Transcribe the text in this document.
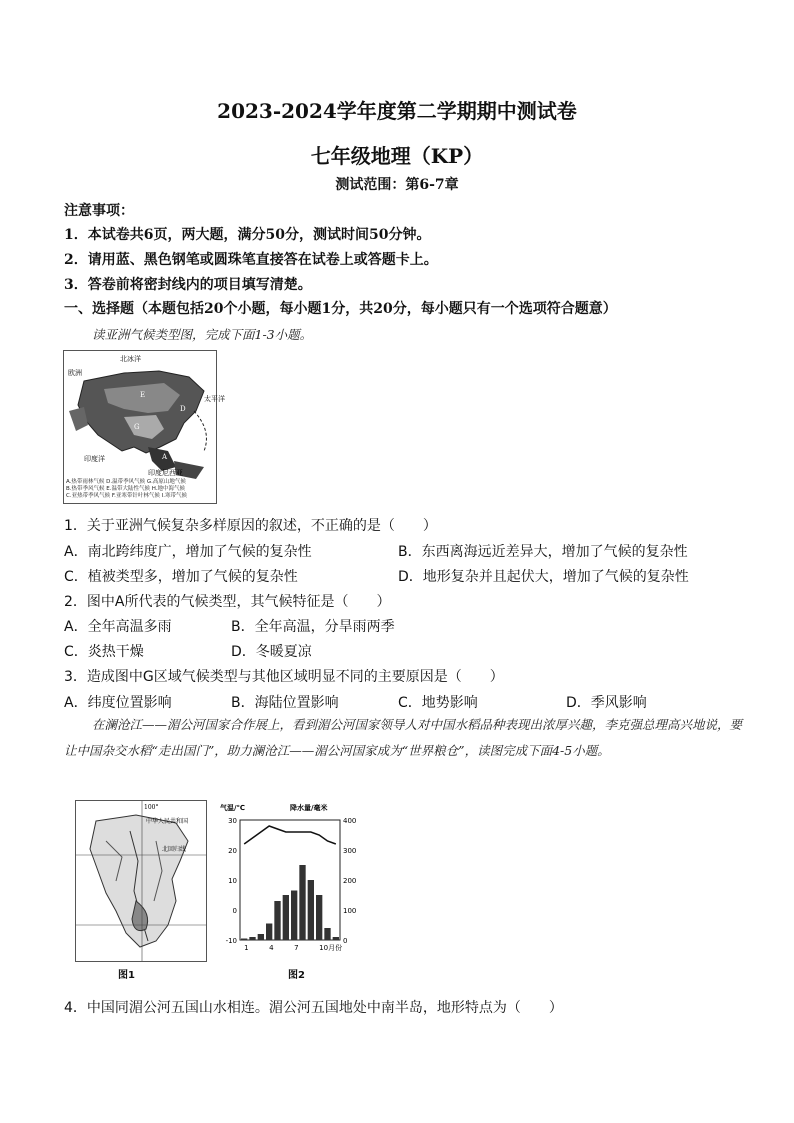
2023-2024学年度第二学期期中测试卷
七年级地理（KP）
测试范围：第6-7章
注意事项：
1．本试卷共6页，两大题，满分50分，测试时间50分钟。
2．请用蓝、黑色钢笔或圆珠笔直接答在试卷上或答题卡上。
3．答卷前将密封线内的项目填写清楚。
一、选择题（本题包括20个小题，每小题1分，共20分，每小题只有一个选项符合题意）
读亚洲气候类型图，完成下面1-3小题。
北冰洋
欧洲
太平洋
印度洋
印度尼西亚
G
A
E
D
A.热带雨林气候 D.温带季风气候 G.高原山地气候
B.热带季风气候 E.温带大陆性气候 H.地中海气候
C.亚热带季风气候 F.亚寒带针叶林气候 I.寒带气候
1．关于亚洲气候复杂多样原因的叙述，不正确的是（　　）
A．南北跨纬度广，增加了气候的复杂性	B．东西离海远近差异大，增加了气候的复杂性
C．植被类型多，增加了气候的复杂性	D．地形复杂并且起伏大，增加了气候的复杂性
2．图中A所代表的气候类型，其气候特征是（　　）
A．全年高温多雨	B．全年高温，分旱雨两季
C．炎热干燥	D．冬暖夏凉
3．造成图中G区域气候类型与其他区域明显不同的主要原因是（　　）
A．纬度位置影响	B．海陆位置影响	C．地势影响	D．季风影响
在澜沧江——湄公河国家合作展上，看到湄公河国家领导人对中国水稻品种表现出浓厚兴趣，李克强总理高兴地说，要让中国杂交水稻“走出国门”，助力澜沧江——湄公河国家成为“世界粮仓”，读图完成下面4-5小题。
100°
中华人民共和国
北回归线
图1
30
20
10
0
-10
400
300
200
100
0
1	4	7	10月份
气温/℃	降水量/毫米
图2
4．中国同湄公河五国山水相连。湄公河五国地处中南半岛，地形特点为（　　）
